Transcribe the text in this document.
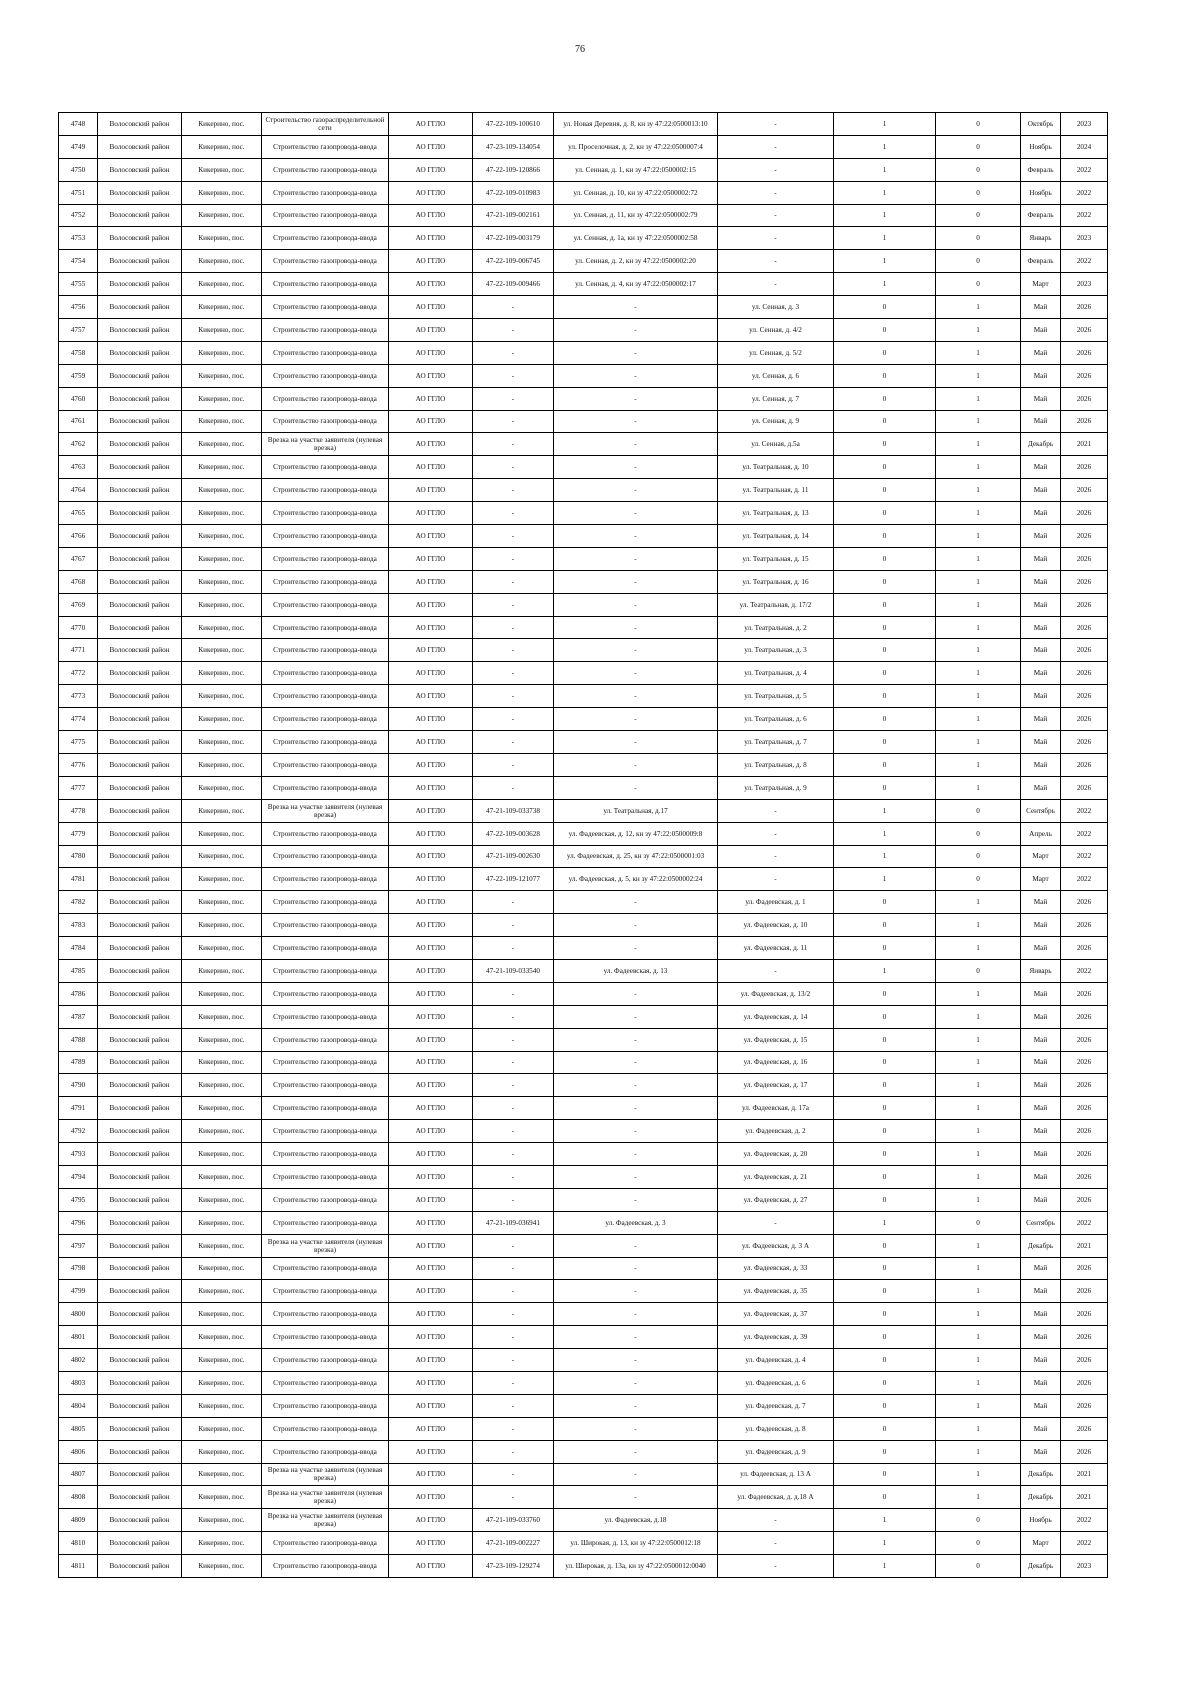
76
4748	Волосовский район	Кикерино, пос.	Строительство газораспределительной сети	АО ГГЛО	47-22-109-100610	ул. Новая Деревня, д. 8, кн зу 47:22:0500013:10	-	1	0	Октябрь	2023
4749	Волосовский район	Кикерино, пос.	Строительство газопровода-ввода	АО ГГЛО	47-23-109-134054	ул. Проселочная, д. 2, кн зу 47:22:0500007:4	-	1	0	Ноябрь	2024
4750	Волосовский район	Кикерино, пос.	Строительство газопровода-ввода	АО ГГЛО	47-22-109-120866	ул. Сенная, д. 1, кн зу 47:22:0500002:15	-	1	0	Февраль	2022
4751	Волосовский район	Кикерино, пос.	Строительство газопровода-ввода	АО ГГЛО	47-22-109-010983	ул. Сенная, д. 10, кн зу 47:22:0500002:72	-	1	0	Ноябрь	2022
4752	Волосовский район	Кикерино, пос.	Строительство газопровода-ввода	АО ГГЛО	47-21-109-002161	ул. Сенная, д. 11, кн зу 47:22:0500002:79	-	1	0	Февраль	2022
4753	Волосовский район	Кикерино, пос.	Строительство газопровода-ввода	АО ГГЛО	47-22-109-003179	ул. Сенная, д. 1а, кн зу 47:22:0500002:58	-	1	0	Январь	2023
4754	Волосовский район	Кикерино, пос.	Строительство газопровода-ввода	АО ГГЛО	47-22-109-006745	ул. Сенная, д. 2, кн зу 47:22:0500002:20	-	1	0	Февраль	2022
4755	Волосовский район	Кикерино, пос.	Строительство газопровода-ввода	АО ГГЛО	47-22-109-009466	ул. Сенная, д. 4, кн зу 47:22:0500002:17	-	1	0	Март	2023
4756	Волосовский район	Кикерино, пос.	Строительство газопровода-ввода	АО ГГЛО	-	-	ул. Сенная, д. 3	0	1	Май	2026
4757	Волосовский район	Кикерино, пос.	Строительство газопровода-ввода	АО ГГЛО	-	-	ул. Сенная, д. 4/2	0	1	Май	2026
4758	Волосовский район	Кикерино, пос.	Строительство газопровода-ввода	АО ГГЛО	-	-	ул. Сенная, д. 5/2	0	1	Май	2026
4759	Волосовский район	Кикерино, пос.	Строительство газопровода-ввода	АО ГГЛО	-	-	ул. Сенная, д. 6	0	1	Май	2026
4760	Волосовский район	Кикерино, пос.	Строительство газопровода-ввода	АО ГГЛО	-	-	ул. Сенная, д. 7	0	1	Май	2026
4761	Волосовский район	Кикерино, пос.	Строительство газопровода-ввода	АО ГГЛО	-	-	ул. Сенная, д. 9	0	1	Май	2026
4762	Волосовский район	Кикерино, пос.	Врезка на участке заявителя (нулевая врезка)	АО ГГЛО	-	-	ул. Сенная, д.5а	0	1	Декабрь	2021
4763	Волосовский район	Кикерино, пос.	Строительство газопровода-ввода	АО ГГЛО	-	-	ул. Театральная, д. 10	0	1	Май	2026
4764	Волосовский район	Кикерино, пос.	Строительство газопровода-ввода	АО ГГЛО	-	-	ул. Театральная, д. 11	0	1	Май	2026
4765	Волосовский район	Кикерино, пос.	Строительство газопровода-ввода	АО ГГЛО	-	-	ул. Театральная, д. 13	0	1	Май	2026
4766	Волосовский район	Кикерино, пос.	Строительство газопровода-ввода	АО ГГЛО	-	-	ул. Театральная, д. 14	0	1	Май	2026
4767	Волосовский район	Кикерино, пос.	Строительство газопровода-ввода	АО ГГЛО	-	-	ул. Театральная, д. 15	0	1	Май	2026
4768	Волосовский район	Кикерино, пос.	Строительство газопровода-ввода	АО ГГЛО	-	-	ул. Театральная, д. 16	0	1	Май	2026
4769	Волосовский район	Кикерино, пос.	Строительство газопровода-ввода	АО ГГЛО	-	-	ул. Театральная, д. 17/2	0	1	Май	2026
4770	Волосовский район	Кикерино, пос.	Строительство газопровода-ввода	АО ГГЛО	-	-	ул. Театральная, д. 2	0	1	Май	2026
4771	Волосовский район	Кикерино, пос.	Строительство газопровода-ввода	АО ГГЛО	-	-	ул. Театральная, д. 3	0	1	Май	2026
4772	Волосовский район	Кикерино, пос.	Строительство газопровода-ввода	АО ГГЛО	-	-	ул. Театральная, д. 4	0	1	Май	2026
4773	Волосовский район	Кикерино, пос.	Строительство газопровода-ввода	АО ГГЛО	-	-	ул. Театральная, д. 5	0	1	Май	2026
4774	Волосовский район	Кикерино, пос.	Строительство газопровода-ввода	АО ГГЛО	-	-	ул. Театральная, д. 6	0	1	Май	2026
4775	Волосовский район	Кикерино, пос.	Строительство газопровода-ввода	АО ГГЛО	-	-	ул. Театральная, д. 7	0	1	Май	2026
4776	Волосовский район	Кикерино, пос.	Строительство газопровода-ввода	АО ГГЛО	-	-	ул. Театральная, д. 8	0	1	Май	2026
4777	Волосовский район	Кикерино, пос.	Строительство газопровода-ввода	АО ГГЛО	-	-	ул. Театральная, д. 9	0	1	Май	2026
4778	Волосовский район	Кикерино, пос.	Врезка на участке заявителя (нулевая врезка)	АО ГГЛО	47-21-109-033738	ул. Театральная, д.17	-	1	0	Сентябрь	2022
4779	Волосовский район	Кикерино, пос.	Строительство газопровода-ввода	АО ГГЛО	47-22-109-003628	ул. Фадеевская, д. 12, кн зу 47:22:0500009:8	-	1	0	Апрель	2022
4780	Волосовский район	Кикерино, пос.	Строительство газопровода-ввода	АО ГГЛО	47-21-109-002630	ул. Фадеевская, д. 25, кн зу 47:22:0500001:03	-	1	0	Март	2022
4781	Волосовский район	Кикерино, пос.	Строительство газопровода-ввода	АО ГГЛО	47-22-109-121077	ул. Фадеевская, д. 5, кн зу 47:22:0500002:24	-	1	0	Март	2022
4782	Волосовский район	Кикерино, пос.	Строительство газопровода-ввода	АО ГГЛО	-	-	ул. Фадеевская, д. 1	0	1	Май	2026
4783	Волосовский район	Кикерино, пос.	Строительство газопровода-ввода	АО ГГЛО	-	-	ул. Фадеевская, д. 10	0	1	Май	2026
4784	Волосовский район	Кикерино, пос.	Строительство газопровода-ввода	АО ГГЛО	-	-	ул. Фадеевская, д. 11	0	1	Май	2026
4785	Волосовский район	Кикерино, пос.	Строительство газопровода-ввода	АО ГГЛО	47-21-109-033540	ул. Фадеевская, д. 13	-	1	0	Январь	2022
4786	Волосовский район	Кикерино, пос.	Строительство газопровода-ввода	АО ГГЛО	-	-	ул. Фадеевская, д. 13/2	0	1	Май	2026
4787	Волосовский район	Кикерино, пос.	Строительство газопровода-ввода	АО ГГЛО	-	-	ул. Фадеевская, д. 14	0	1	Май	2026
4788	Волосовский район	Кикерино, пос.	Строительство газопровода-ввода	АО ГГЛО	-	-	ул. Фадеевская, д. 15	0	1	Май	2026
4789	Волосовский район	Кикерино, пос.	Строительство газопровода-ввода	АО ГГЛО	-	-	ул. Фадеевская, д. 16	0	1	Май	2026
4790	Волосовский район	Кикерино, пос.	Строительство газопровода-ввода	АО ГГЛО	-	-	ул. Фадеевская, д. 17	0	1	Май	2026
4791	Волосовский район	Кикерино, пос.	Строительство газопровода-ввода	АО ГГЛО	-	-	ул. Фадеевская, д. 17а	0	1	Май	2026
4792	Волосовский район	Кикерино, пос.	Строительство газопровода-ввода	АО ГГЛО	-	-	ул. Фадеевская, д. 2	0	1	Май	2026
4793	Волосовский район	Кикерино, пос.	Строительство газопровода-ввода	АО ГГЛО	-	-	ул. Фадеевская, д. 20	0	1	Май	2026
4794	Волосовский район	Кикерино, пос.	Строительство газопровода-ввода	АО ГГЛО	-	-	ул. Фадеевская, д. 21	0	1	Май	2026
4795	Волосовский район	Кикерино, пос.	Строительство газопровода-ввода	АО ГГЛО	-	-	ул. Фадеевская, д. 27	0	1	Май	2026
4796	Волосовский район	Кикерино, пос.	Строительство газопровода-ввода	АО ГГЛО	47-21-109-036941	ул. Фадеевская, д. 3	-	1	0	Сентябрь	2022
4797	Волосовский район	Кикерино, пос.	Врезка на участке заявителя (нулевая врезка)	АО ГГЛО	-	-	ул. Фадеевская, д. 3 А	0	1	Декабрь	2021
4798	Волосовский район	Кикерино, пос.	Строительство газопровода-ввода	АО ГГЛО	-	-	ул. Фадеевская, д. 33	0	1	Май	2026
4799	Волосовский район	Кикерино, пос.	Строительство газопровода-ввода	АО ГГЛО	-	-	ул. Фадеевская, д. 35	0	1	Май	2026
4800	Волосовский район	Кикерино, пос.	Строительство газопровода-ввода	АО ГГЛО	-	-	ул. Фадеевская, д. 37	0	1	Май	2026
4801	Волосовский район	Кикерино, пос.	Строительство газопровода-ввода	АО ГГЛО	-	-	ул. Фадеевская, д. 39	0	1	Май	2026
4802	Волосовский район	Кикерино, пос.	Строительство газопровода-ввода	АО ГГЛО	-	-	ул. Фадеевская, д. 4	0	1	Май	2026
4803	Волосовский район	Кикерино, пос.	Строительство газопровода-ввода	АО ГГЛО	-	-	ул. Фадеевская, д. 6	0	1	Май	2026
4804	Волосовский район	Кикерино, пос.	Строительство газопровода-ввода	АО ГГЛО	-	-	ул. Фадеевская, д. 7	0	1	Май	2026
4805	Волосовский район	Кикерино, пос.	Строительство газопровода-ввода	АО ГГЛО	-	-	ул. Фадеевская, д. 8	0	1	Май	2026
4806	Волосовский район	Кикерино, пос.	Строительство газопровода-ввода	АО ГГЛО	-	-	ул. Фадеевская, д. 9	0	1	Май	2026
4807	Волосовский район	Кикерино, пос.	Врезка на участке заявителя (нулевая врезка)	АО ГГЛО	-	-	ул. Фадеевская, д. 13 А	0	1	Декабрь	2021
4808	Волосовский район	Кикерино, пос.	Врезка на участке заявителя (нулевая врезка)	АО ГГЛО	-	-	ул. Фадеевская, д. д.18 А	0	1	Декабрь	2021
4809	Волосовский район	Кикерино, пос.	Врезка на участке заявителя (нулевая врезка)	АО ГГЛО	47-21-109-033760	ул. Фадеевская, д.18	-	1	0	Ноябрь	2022
4810	Волосовский район	Кикерино, пос.	Строительство газопровода-ввода	АО ГГЛО	47-21-109-002227	ул. Широкая, д. 13, кн зу 47:22:0500012:18	-	1	0	Март	2022
4811	Волосовский район	Кикерино, пос.	Строительство газопровода-ввода	АО ГГЛО	47-23-109-129274	ул. Широкая, д. 13а, кн зу 47:22:0500012:0040	-	1	0	Декабрь	2023
